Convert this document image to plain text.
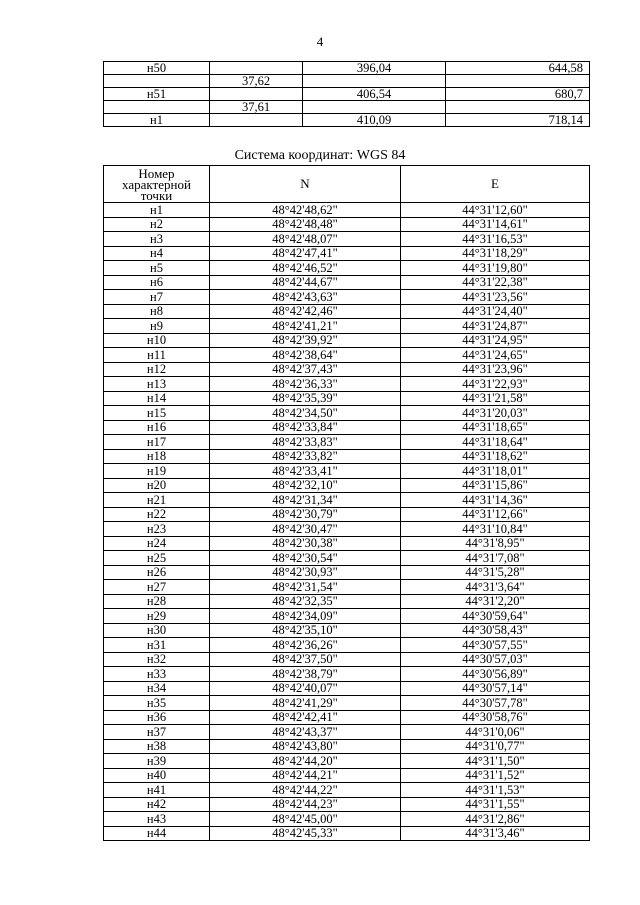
4
н50		396,04	644,58
	37,62		
н51		406,54	680,7
	37,61		
н1		410,09	718,14
Система координат: WGS 84
Номер характерной точки	N	E
н1	48°42'48,62"	44°31'12,60"
н2	48°42'48,48"	44°31'14,61"
н3	48°42'48,07"	44°31'16,53"
н4	48°42'47,41"	44°31'18,29"
н5	48°42'46,52"	44°31'19,80"
н6	48°42'44,67"	44°31'22,38"
н7	48°42'43,63"	44°31'23,56"
н8	48°42'42,46"	44°31'24,40"
н9	48°42'41,21"	44°31'24,87"
н10	48°42'39,92"	44°31'24,95"
н11	48°42'38,64"	44°31'24,65"
н12	48°42'37,43"	44°31'23,96"
н13	48°42'36,33"	44°31'22,93"
н14	48°42'35,39"	44°31'21,58"
н15	48°42'34,50"	44°31'20,03"
н16	48°42'33,84"	44°31'18,65"
н17	48°42'33,83"	44°31'18,64"
н18	48°42'33,82"	44°31'18,62"
н19	48°42'33,41"	44°31'18,01"
н20	48°42'32,10"	44°31'15,86"
н21	48°42'31,34"	44°31'14,36"
н22	48°42'30,79"	44°31'12,66"
н23	48°42'30,47"	44°31'10,84"
н24	48°42'30,38"	44°31'8,95"
н25	48°42'30,54"	44°31'7,08"
н26	48°42'30,93"	44°31'5,28"
н27	48°42'31,54"	44°31'3,64"
н28	48°42'32,35"	44°31'2,20"
н29	48°42'34,09"	44°30'59,64"
н30	48°42'35,10"	44°30'58,43"
н31	48°42'36,26"	44°30'57,55"
н32	48°42'37,50"	44°30'57,03"
н33	48°42'38,79"	44°30'56,89"
н34	48°42'40,07"	44°30'57,14"
н35	48°42'41,29"	44°30'57,78"
н36	48°42'42,41"	44°30'58,76"
н37	48°42'43,37"	44°31'0,06"
н38	48°42'43,80"	44°31'0,77"
н39	48°42'44,20"	44°31'1,50"
н40	48°42'44,21"	44°31'1,52"
н41	48°42'44,22"	44°31'1,53"
н42	48°42'44,23"	44°31'1,55"
н43	48°42'45,00"	44°31'2,86"
н44	48°42'45,33"	44°31'3,46"
